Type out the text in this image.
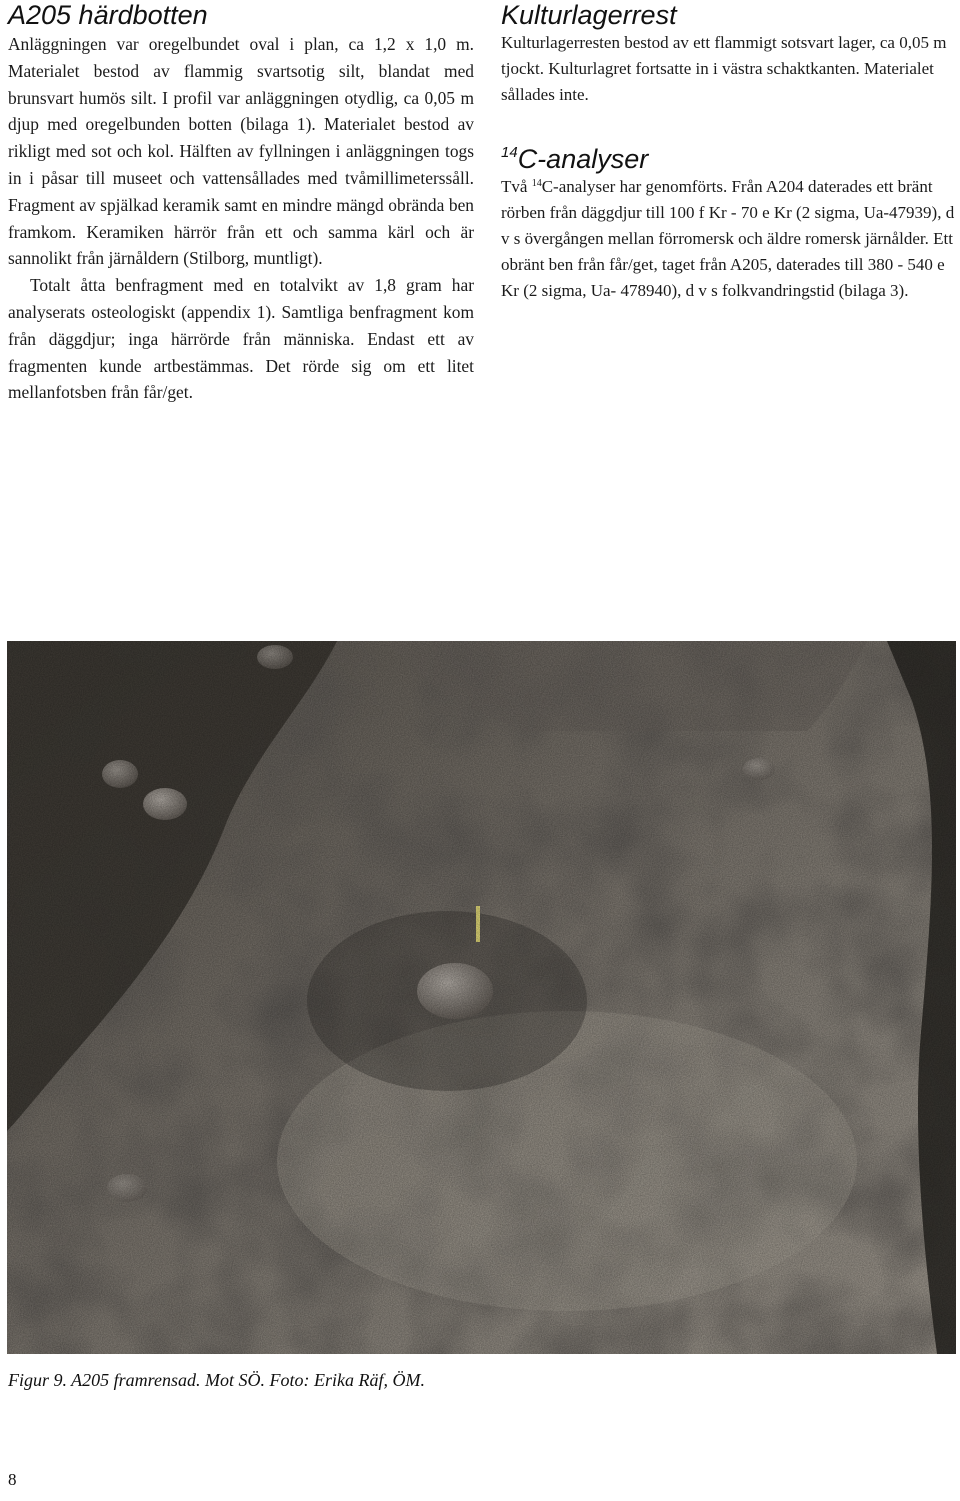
A205 härdbotten

Anläggningen var oregelbundet oval i plan, ca 1,2 x 1,0 m. Materialet bestod av flammig svartsotig silt, blandat med brunsvart humös silt. I profil var anläggningen otydlig, ca 0,05 m djup med oregelbunden botten (bilaga 1). Materialet bestod av rikligt med sot och kol. Hälften av fyllningen i anläggningen togs in i påsar till museet och vattensållades med tvåmillimeterssåll. Fragment av spjälkad keramik samt en mindre mängd obrända ben framkom. Keramiken härrör från ett och samma kärl och är sannolikt från järnåldern (Stilborg, muntligt).

Totalt åtta benfragment med en totalvikt av 1,8 gram har analyserats osteologiskt (appendix 1). Samtliga benfragment kom från däggdjur; inga härrörde från människa. Endast ett av fragmenten kunde artbestämmas. Det rörde sig om ett litet mellanfotsben från får/get.

Kulturlagerrest

Kulturlagerresten bestod av ett flammigt sotsvart lager, ca 0,05 m tjockt. Kulturlagret fortsatte in i västra schaktkanten. Materialet sållades inte.

$^{14}$C-analyser

Två $^{14}$C-analyser har genomförts. Från A204 daterades ett bränt rörben från däggdjur till 100 f Kr - 70 e Kr (2 sigma, Ua-47939), d v s övergången mellan förromersk och äldre romersk järnålder. Ett obränt ben från får/get, taget från A205, daterades till 380 - 540 e Kr (2 sigma, Ua- 478940), d v s folkvandringstid (bilaga 3).

Figur 9. A205 framrensad. Mot SÖ. Foto: Erika Räf, ÖM.
8
